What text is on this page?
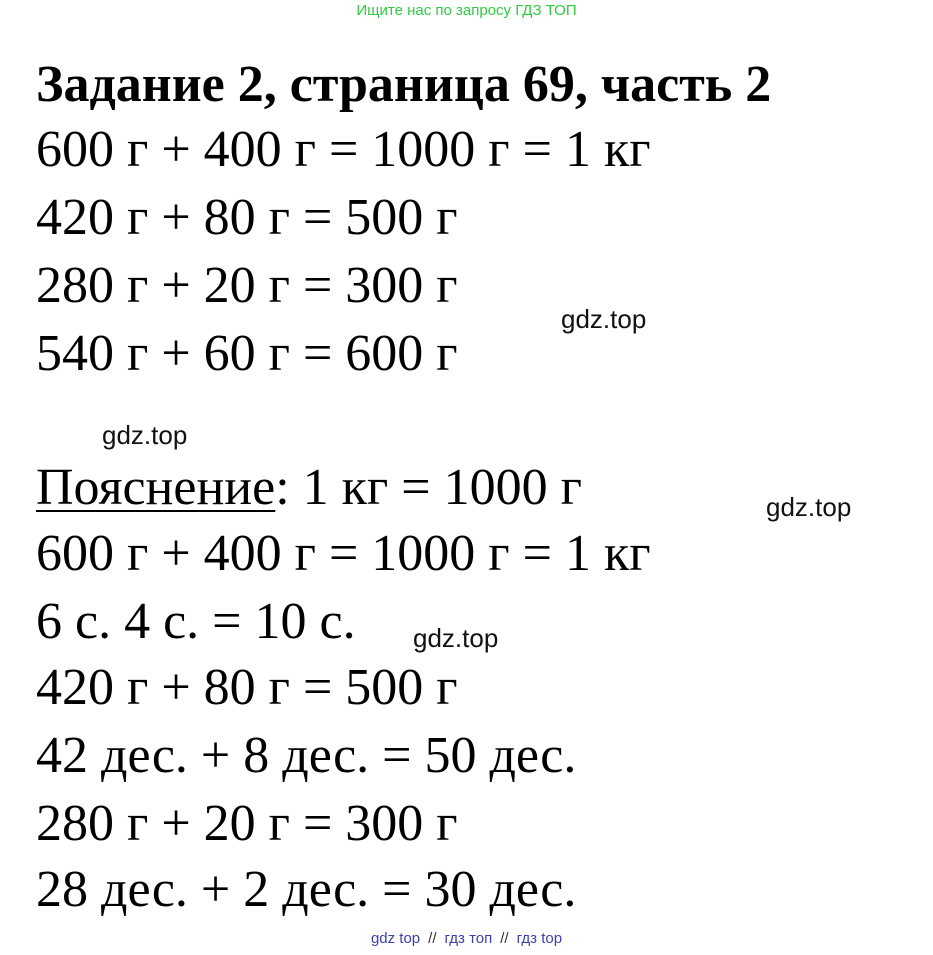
Ищите нас по запросу ГДЗ ТОП
Задание 2, страница 69, часть 2
600 г + 400 г = 1000 г = 1 кг
420 г + 80 г = 500 г
280 г + 20 г = 300 г
540 г + 60 г = 600 г
Пояснение: 1 кг = 1000 г
600 г + 400 г = 1000 г = 1 кг
6 с. 4 с. = 10 с.
420 г + 80 г = 500 г
42 дес. + 8 дес. = 50 дес.
280 г + 20 г = 300 г
28 дес. + 2 дес. = 30 дес.
gdz.top
gdz.top
gdz.top
gdz.top
gdz top // гдз топ // гдз top
